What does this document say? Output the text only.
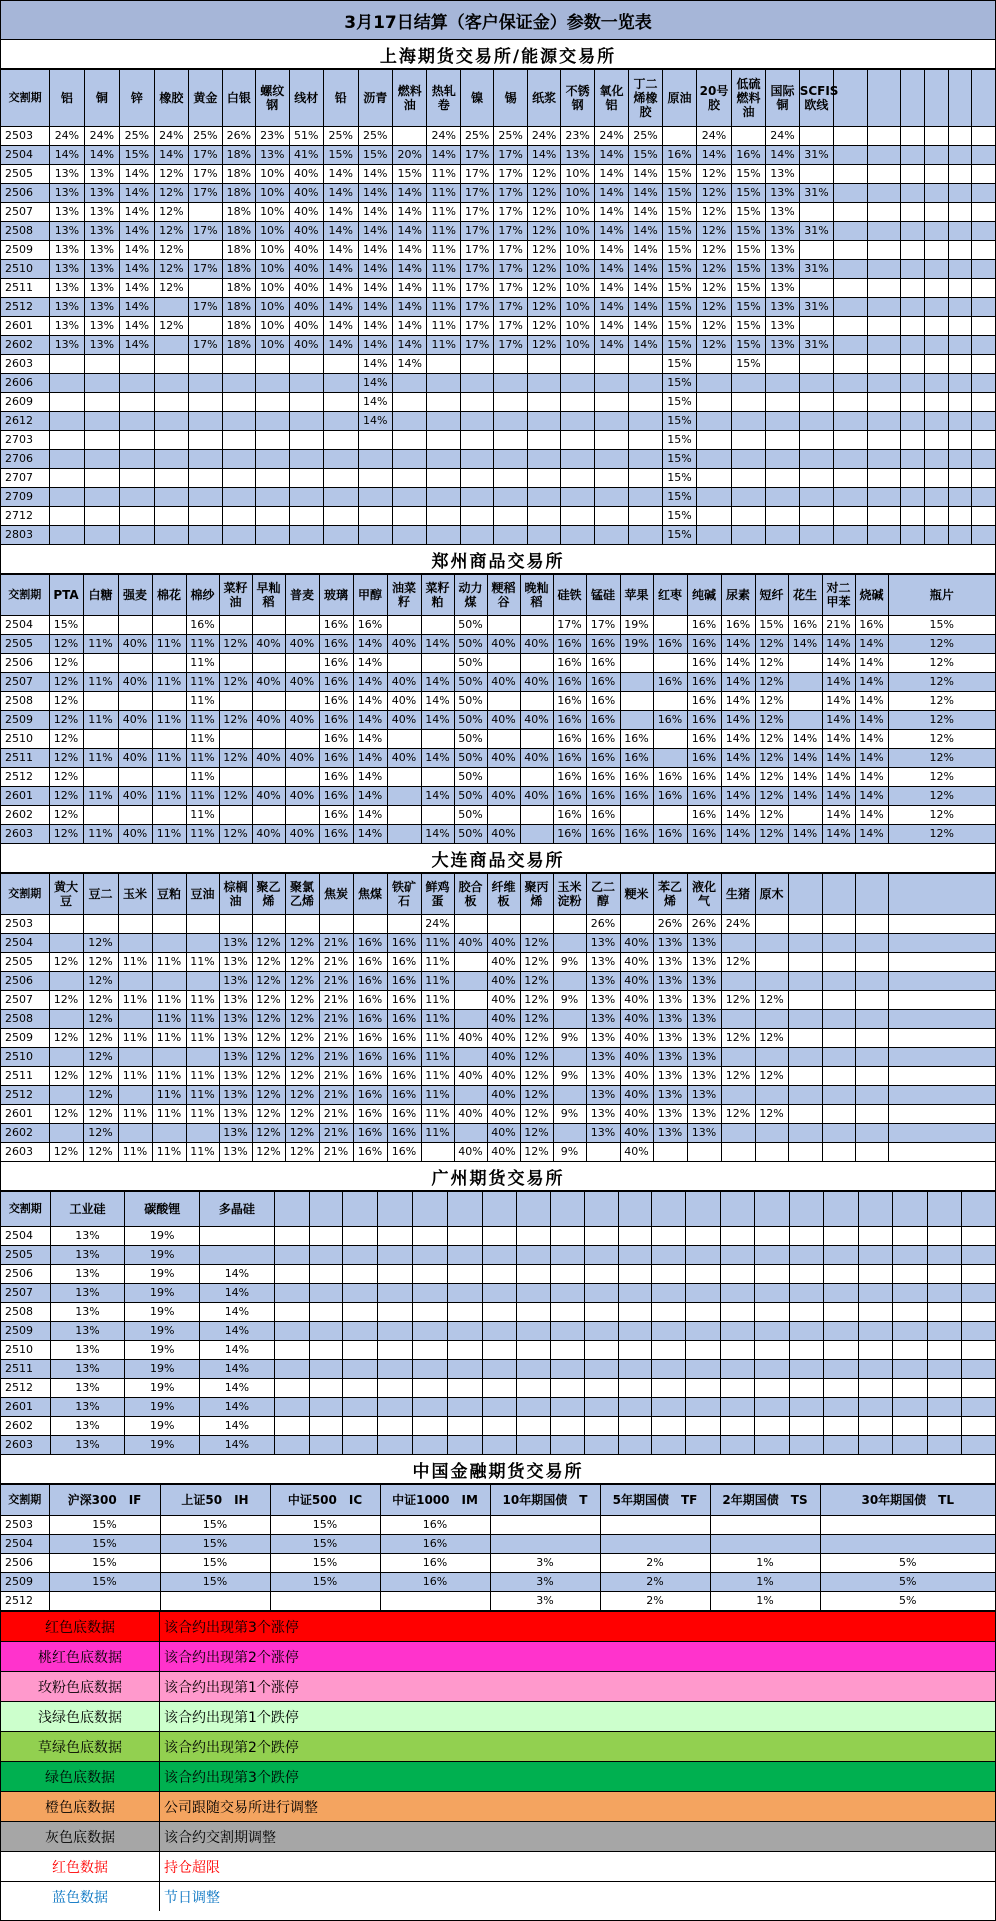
3月17日结算（客户保证金）参数一览表
上海期货交易所/能源交易所
交割期	铝	铜	锌	橡胶	黄金	白银	螺纹钢	线材	铅	沥青	燃料油	热轧卷	镍	锡	纸浆	不锈钢	氧化铝	丁二烯橡胶	原油	20号胶	低硫燃料油	国际铜	SCFIS欧线						
2503	24%	24%	25%	24%	25%	26%	23%	51%	25%	25%		24%	25%	25%	24%	23%	24%	25%		24%		24%							
2504	14%	14%	15%	14%	17%	18%	13%	41%	15%	15%	20%	14%	17%	17%	14%	13%	14%	15%	16%	14%	16%	14%	31%						
2505	13%	13%	14%	12%	17%	18%	10%	40%	14%	14%	15%	11%	17%	17%	12%	10%	14%	14%	15%	12%	15%	13%							
2506	13%	13%	14%	12%	17%	18%	10%	40%	14%	14%	14%	11%	17%	17%	12%	10%	14%	14%	15%	12%	15%	13%	31%						
2507	13%	13%	14%	12%		18%	10%	40%	14%	14%	14%	11%	17%	17%	12%	10%	14%	14%	15%	12%	15%	13%							
2508	13%	13%	14%	12%	17%	18%	10%	40%	14%	14%	14%	11%	17%	17%	12%	10%	14%	14%	15%	12%	15%	13%	31%						
2509	13%	13%	14%	12%		18%	10%	40%	14%	14%	14%	11%	17%	17%	12%	10%	14%	14%	15%	12%	15%	13%							
2510	13%	13%	14%	12%	17%	18%	10%	40%	14%	14%	14%	11%	17%	17%	12%	10%	14%	14%	15%	12%	15%	13%	31%						
2511	13%	13%	14%	12%		18%	10%	40%	14%	14%	14%	11%	17%	17%	12%	10%	14%	14%	15%	12%	15%	13%							
2512	13%	13%	14%		17%	18%	10%	40%	14%	14%	14%	11%	17%	17%	12%	10%	14%	14%	15%	12%	15%	13%	31%						
2601	13%	13%	14%	12%		18%	10%	40%	14%	14%	14%	11%	17%	17%	12%	10%	14%	14%	15%	12%	15%	13%							
2602	13%	13%	14%		17%	18%	10%	40%	14%	14%	14%	11%	17%	17%	12%	10%	14%	14%	15%	12%	15%	13%	31%						
2603										14%	14%								15%		15%								
2606										14%									15%										
2609										14%									15%										
2612										14%									15%										
2703																			15%										
2706																			15%										
2707																			15%										
2709																			15%										
2712																			15%										
2803																			15%										
郑州商品交易所
交割期	PTA	白糖	强麦	棉花	棉纱	菜籽油	早籼稻	普麦	玻璃	甲醇	油菜籽	菜籽粕	动力煤	粳稻谷	晚籼稻	硅铁	锰硅	苹果	红枣	纯碱	尿素	短纤	花生	对二甲苯	烧碱	瓶片
2504	15%				16%				16%	16%			50%			17%	17%	19%		16%	16%	15%	16%	21%	16%	15%
2505	12%	11%	40%	11%	11%	12%	40%	40%	16%	14%	40%	14%	50%	40%	40%	16%	16%	19%	16%	16%	14%	12%	14%	14%	14%	12%
2506	12%				11%				16%	14%			50%			16%	16%			16%	14%	12%		14%	14%	12%
2507	12%	11%	40%	11%	11%	12%	40%	40%	16%	14%	40%	14%	50%	40%	40%	16%	16%		16%	16%	14%	12%		14%	14%	12%
2508	12%				11%				16%	14%	40%	14%	50%			16%	16%			16%	14%	12%		14%	14%	12%
2509	12%	11%	40%	11%	11%	12%	40%	40%	16%	14%	40%	14%	50%	40%	40%	16%	16%		16%	16%	14%	12%		14%	14%	12%
2510	12%				11%				16%	14%			50%			16%	16%	16%		16%	14%	12%	14%	14%	14%	12%
2511	12%	11%	40%	11%	11%	12%	40%	40%	16%	14%	40%	14%	50%	40%	40%	16%	16%	16%		16%	14%	12%	14%	14%	14%	12%
2512	12%				11%				16%	14%			50%			16%	16%	16%	16%	16%	14%	12%	14%	14%	14%	12%
2601	12%	11%	40%	11%	11%	12%	40%	40%	16%	14%		14%	50%	40%	40%	16%	16%	16%	16%	16%	14%	12%	14%	14%	14%	12%
2602	12%				11%				16%	14%			50%			16%	16%			16%	14%	12%		14%	14%	12%
2603	12%	11%	40%	11%	11%	12%	40%	40%	16%	14%		14%	50%	40%		16%	16%	16%	16%	16%	14%	12%	14%	14%	14%	12%
大连商品交易所
交割期	黄大豆	豆二	玉米	豆粕	豆油	棕榈油	聚乙烯	聚氯乙烯	焦炭	焦煤	铁矿石	鲜鸡蛋	胶合板	纤维板	聚丙烯	玉米淀粉	乙二醇	粳米	苯乙烯	液化气	生猪	原木				
2503												24%					26%		26%	26%	24%					
2504		12%				13%	12%	12%	21%	16%	16%	11%	40%	40%	12%		13%	40%	13%	13%						
2505	12%	12%	11%	11%	11%	13%	12%	12%	21%	16%	16%	11%		40%	12%	9%	13%	40%	13%	13%	12%					
2506		12%				13%	12%	12%	21%	16%	16%	11%		40%	12%		13%	40%	13%	13%						
2507	12%	12%	11%	11%	11%	13%	12%	12%	21%	16%	16%	11%		40%	12%	9%	13%	40%	13%	13%	12%	12%				
2508		12%		11%	11%	13%	12%	12%	21%	16%	16%	11%		40%	12%		13%	40%	13%	13%						
2509	12%	12%	11%	11%	11%	13%	12%	12%	21%	16%	16%	11%	40%	40%	12%	9%	13%	40%	13%	13%	12%	12%				
2510		12%				13%	12%	12%	21%	16%	16%	11%		40%	12%		13%	40%	13%	13%						
2511	12%	12%	11%	11%	11%	13%	12%	12%	21%	16%	16%	11%	40%	40%	12%	9%	13%	40%	13%	13%	12%	12%				
2512		12%		11%	11%	13%	12%	12%	21%	16%	16%	11%		40%	12%		13%	40%	13%	13%						
2601	12%	12%	11%	11%	11%	13%	12%	12%	21%	16%	16%	11%	40%	40%	12%	9%	13%	40%	13%	13%	12%	12%				
2602		12%				13%	12%	12%	21%	16%	16%	11%		40%	12%		13%	40%	13%	13%						
2603	12%	12%	11%	11%	11%	13%	12%	12%	21%	16%	16%		40%	40%	12%	9%		40%								
广州期货交易所
交割期	工业硅	碳酸锂	多晶硅																					
2504	13%	19%																						
2505	13%	19%																						
2506	13%	19%	14%																					
2507	13%	19%	14%																					
2508	13%	19%	14%																					
2509	13%	19%	14%																					
2510	13%	19%	14%																					
2511	13%	19%	14%																					
2512	13%	19%	14%																					
2601	13%	19%	14%																					
2602	13%	19%	14%																					
2603	13%	19%	14%																					
中国金融期货交易所
交割期	沪深300　IF	上证50　IH	中证500　IC	中证1000　IM	10年期国债　T	5年期国债　TF	2年期国债　TS	30年期国债　TL
2503	15%	15%	15%	16%				
2504	15%	15%	15%	16%				
2506	15%	15%	15%	16%	3%	2%	1%	5%
2509	15%	15%	15%	16%	3%	2%	1%	5%
2512					3%	2%	1%	5%
红色底数据	该合约出现第3个涨停
桃红色底数据	该合约出现第2个涨停
玫粉色底数据	该合约出现第1个涨停
浅绿色底数据	该合约出现第1个跌停
草绿色底数据	该合约出现第2个跌停
绿色底数据	该合约出现第3个跌停
橙色底数据	公司跟随交易所进行调整
灰色底数据	该合约交割期调整
红色数据	持仓超限
蓝色数据	节日调整
